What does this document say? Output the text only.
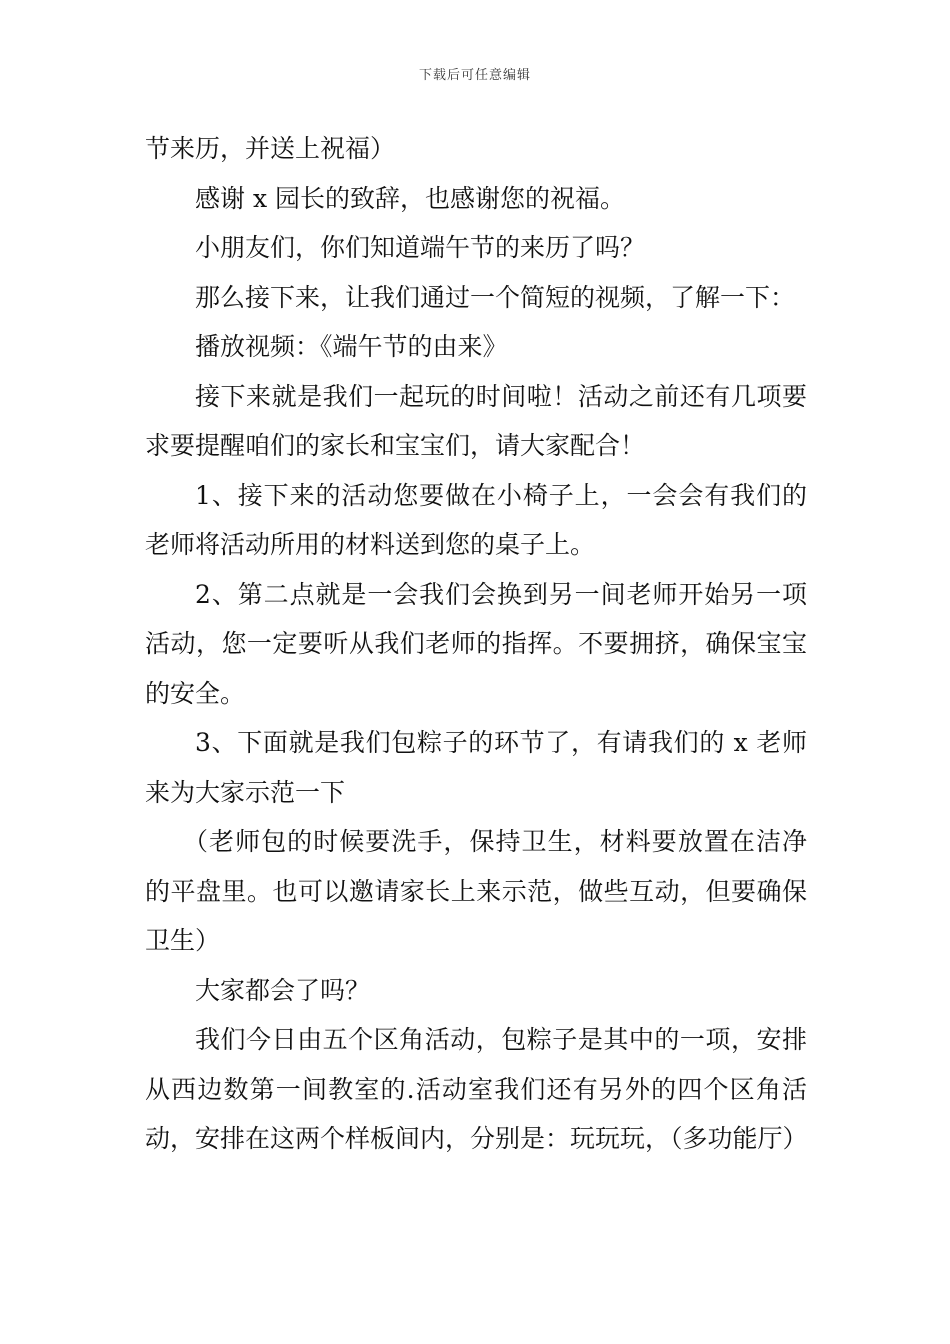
下载后可任意编辑

节来历，并送上祝福）

感谢 x 园长的致辞，也感谢您的祝福。

小朋友们，你们知道端午节的来历了吗？

那么接下来，让我们通过一个简短的视频，了解一下：

播放视频：《端午节的由来》

接下来就是我们一起玩的时间啦！活动之前还有几项要求要提醒咱们的家长和宝宝们，请大家配合！

1、接下来的活动您要做在小椅子上，一会会有我们的老师将活动所用的材料送到您的桌子上。

2、第二点就是一会我们会换到另一间老师开始另一项活动，您一定要听从我们老师的指挥。不要拥挤，确保宝宝的安全。

3、下面就是我们包粽子的环节了，有请我们的 x 老师来为大家示范一下

（老师包的时候要洗手，保持卫生，材料要放置在洁净的平盘里。也可以邀请家长上来示范，做些互动，但要确保卫生）

大家都会了吗？

我们今日由五个区角活动，包粽子是其中的一项，安排从西边数第一间教室的.活动室我们还有另外的四个区角活动，安排在这两个样板间内，分别是：玩玩玩，（多功能厅）
